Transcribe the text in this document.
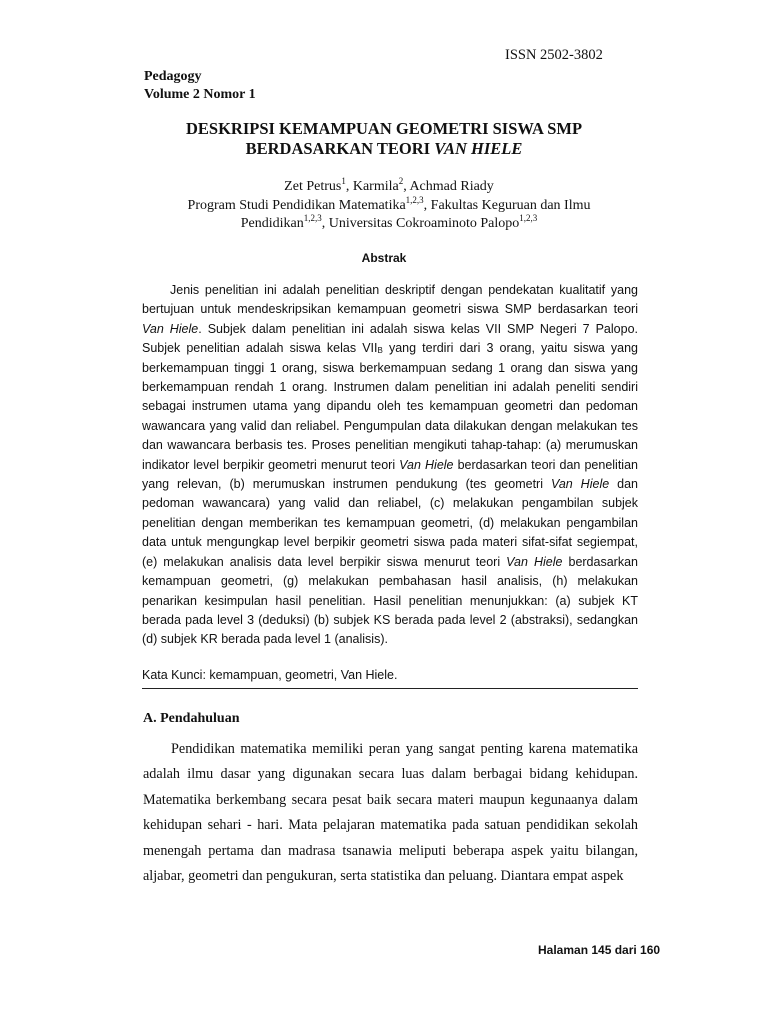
ISSN 2502-3802
Pedagogy
Volume 2 Nomor 1
DESKRIPSI KEMAMPUAN GEOMETRI SISWA SMP
BERDASARKAN TEORI VAN HIELE
Zet Petrus$^1$, Karmila$^2$, Achmad Riady
Program Studi Pendidikan Matematika$^{1,2,3}$, Fakultas Keguruan dan Ilmu Pendidikan$^{1,2,3}$, Universitas Cokroaminoto Palopo$^{1,2,3}$
Abstrak

Jenis penelitian ini adalah penelitian deskriptif dengan pendekatan kualitatif yang bertujuan untuk mendeskripsikan kemampuan geometri siswa SMP berdasarkan teori Van Hiele. Subjek dalam penelitian ini adalah siswa kelas VII SMP Negeri 7 Palopo. Subjek penelitian adalah siswa kelas $VII_B$ yang terdiri dari 3 orang, yaitu siswa yang berkemampuan tinggi 1 orang, siswa berkemampuan sedang 1 orang dan siswa yang berkemampuan rendah 1 orang. Instrumen dalam penelitian ini adalah peneliti sendiri sebagai instrumen utama yang dipandu oleh tes kemampuan geometri dan pedoman wawancara yang valid dan reliabel. Pengumpulan data dilakukan dengan melakukan tes dan wawancara berbasis tes. Proses penelitian mengikuti tahap-tahap: (a) merumuskan indikator level berpikir geometri menurut teori Van Hiele berdasarkan teori dan penelitian yang relevan, (b) merumuskan instrumen pendukung (tes geometri Van Hiele dan pedoman wawancara) yang valid dan reliabel, (c) melakukan pengambilan subjek penelitian dengan memberikan tes kemampuan geometri, (d) melakukan pengambilan data untuk mengungkap level berpikir geometri siswa pada materi sifat-sifat segiempat, (e) melakukan analisis data level berpikir siswa menurut teori Van Hiele berdasarkan kemampuan geometri, (g) melakukan pembahasan hasil analisis, (h) melakukan penarikan kesimpulan hasil penelitian. Hasil penelitian menunjukkan: (a) subjek KT berada pada level 3 (deduksi) (b) subjek KS berada pada level 2 (abstraksi), sedangkan (d) subjek KR berada pada level 1 (analisis).

Kata Kunci: kemampuan, geometri, Van Hiele.
A. Pendahuluan

Pendidikan matematika memiliki peran yang sangat penting karena matematika adalah ilmu dasar yang digunakan secara luas dalam berbagai bidang kehidupan. Matematika berkembang secara pesat baik secara materi maupun kegunaanya dalam kehidupan sehari - hari. Mata pelajaran matematika pada satuan pendidikan sekolah menengah pertama dan madrasa tsanawia meliputi beberapa aspek yaitu bilangan, aljabar, geometri dan pengukuran, serta statistika dan peluang. Diantara empat aspek

Halaman 145 dari 160
